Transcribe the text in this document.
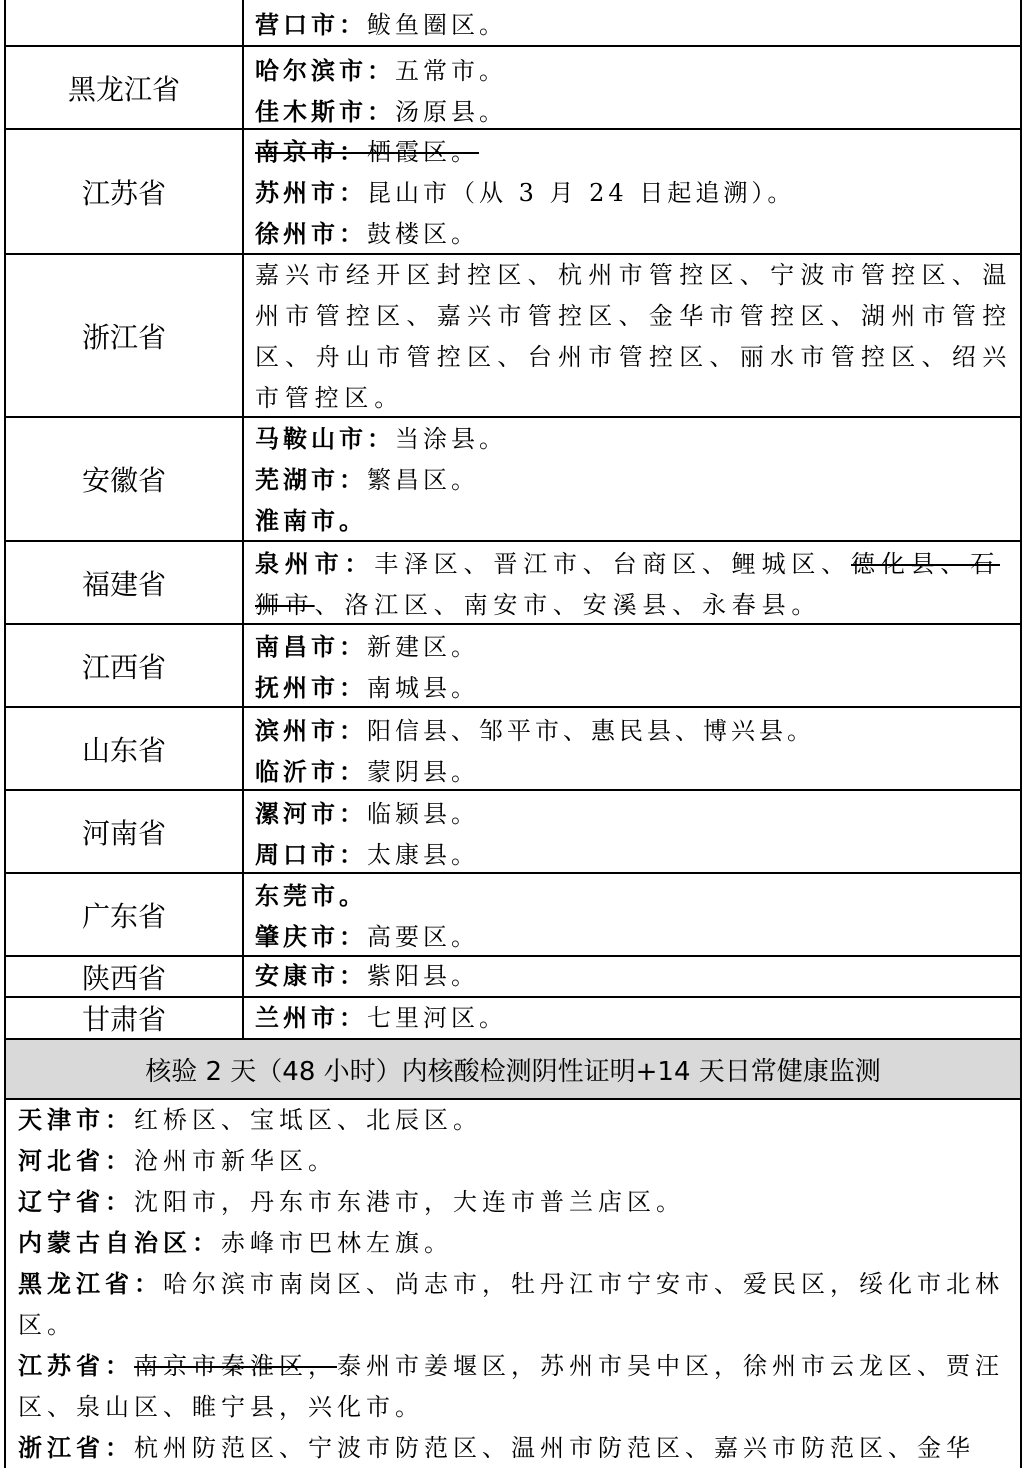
营口市：鲅鱼圈区。
黑龙江省
哈尔滨市：五常市。
佳木斯市：汤原县。
江苏省
南京市：栖霞区。
苏州市：昆山市（从 3 月 24 日起追溯）。
徐州市：鼓楼区。
浙江省
嘉兴市经开区封控区、杭州市管控区、宁波市管控区、温州市管控区、嘉兴市管控区、金华市管控区、湖州市管控区、舟山市管控区、台州市管控区、丽水市管控区、绍兴市管控区。
安徽省
马鞍山市：当涂县。
芜湖市：繁昌区。
淮南市。
福建省
泉州市：丰泽区、晋江市、台商区、鲤城区、德化县、石狮市、洛江区、南安市、安溪县、永春县。
江西省
南昌市：新建区。
抚州市：南城县。
山东省
滨州市：阳信县、邹平市、惠民县、博兴县。
临沂市：蒙阴县。
河南省
漯河市：临颍县。
周口市：太康县。
广东省
东莞市。
肇庆市：高要区。
陕西省	安康市：紫阳县。
甘肃省	兰州市：七里河区。
核验 2 天（48 小时）内核酸检测阴性证明+14 天日常健康监测
天津市：红桥区、宝坻区、北辰区。
河北省：沧州市新华区。
辽宁省：沈阳市，丹东市东港市，大连市普兰店区。
内蒙古自治区：赤峰市巴林左旗。
黑龙江省：哈尔滨市南岗区、尚志市，牡丹江市宁安市、爱民区，绥化市北林区。
江苏省：南京市秦淮区，泰州市姜堰区，苏州市吴中区，徐州市云龙区、贾汪区、泉山区、睢宁县，兴化市。
浙江省：杭州防范区、宁波市防范区、温州市防范区、嘉兴市防范区、金华
